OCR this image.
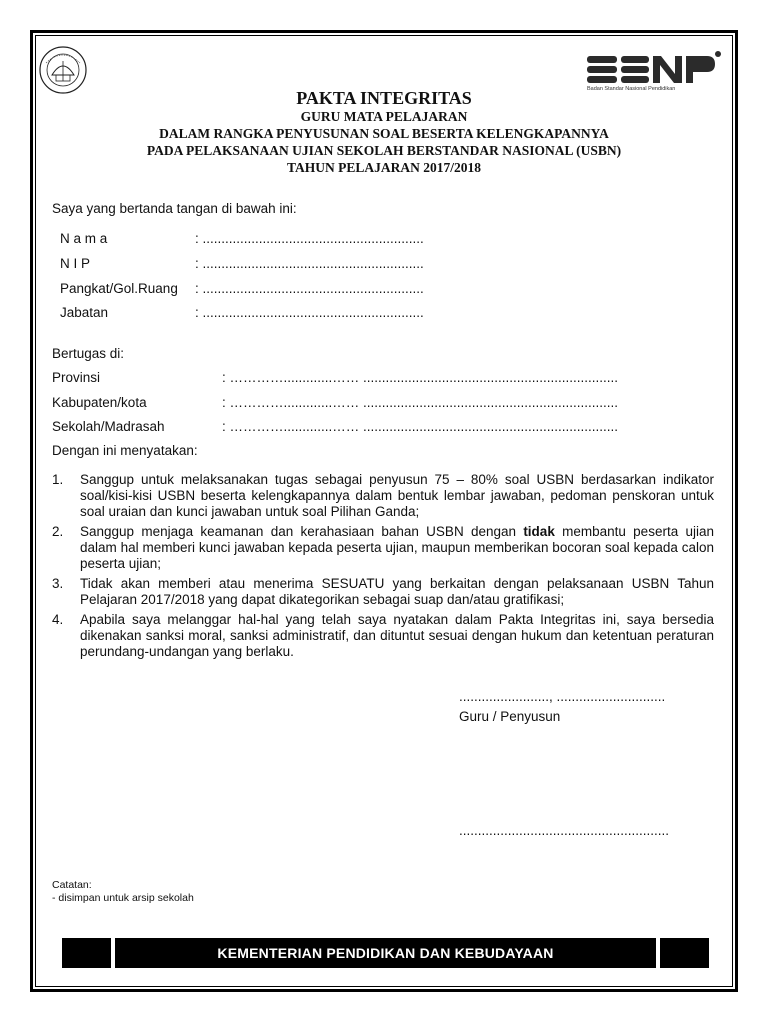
Badan Standar Nasional Pendidikan
PAKTA INTEGRITAS
GURU MATA PELAJARAN
DALAM RANGKA PENYUSUNAN SOAL BESERTA KELENGKAPANNYA
PADA PELAKSANAAN UJIAN SEKOLAH BERSTANDAR NASIONAL (USBN)
TAHUN PELAJARAN 2017/2018
Saya yang bertanda tangan di bawah ini:
N a m a	: ...........................................................
N I P	: ...........................................................
Pangkat/Gol.Ruang : ...........................................................
Jabatan	: ...........................................................
Bertugas di:
Provinsi	: ………….............…… ....................................................................
Kabupaten/kota	: ………….............…… ....................................................................
Sekolah/Madrasah	: ………….............…… ....................................................................
Dengan ini menyatakan:
1. Sanggup untuk melaksanakan tugas sebagai penyusun 75 – 80% soal USBN berdasarkan indikator soal/kisi-kisi USBN beserta kelengkapannya dalam bentuk lembar jawaban, pedoman penskoran untuk soal uraian dan kunci jawaban untuk soal Pilihan Ganda;
2. Sanggup menjaga keamanan dan kerahasiaan bahan USBN dengan tidak membantu peserta ujian dalam hal memberi kunci jawaban kepada peserta ujian, maupun memberikan bocoran soal kepada calon peserta ujian;
3. Tidak akan memberi atau menerima SESUATU yang berkaitan dengan pelaksanaan USBN Tahun Pelajaran 2017/2018 yang dapat dikategorikan sebagai suap dan/atau gratifikasi;
4. Apabila saya melanggar hal-hal yang telah saya nyatakan dalam Pakta Integritas ini, saya bersedia dikenakan sanksi moral, sanksi administratif, dan dituntut sesuai dengan hukum dan ketentuan peraturan perundang-undangan yang berlaku.
........................, .............................
Guru / Penyusun
........................................................
Catatan:
- disimpan untuk arsip sekolah
KEMENTERIAN PENDIDIKAN DAN KEBUDAYAAN
